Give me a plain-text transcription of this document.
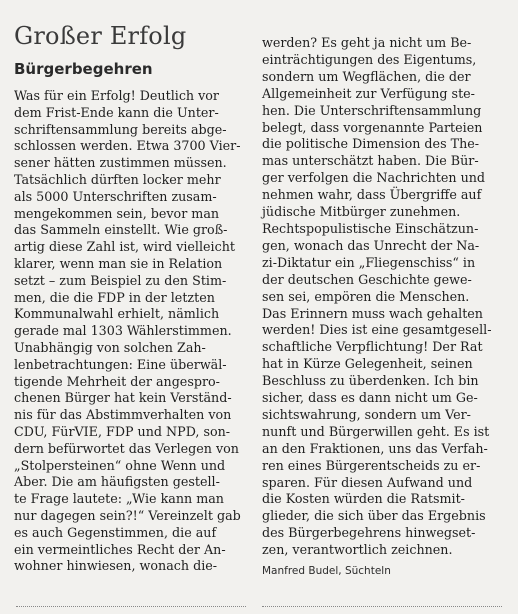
Großer Erfolg
Bürgerbegehren
Was für ein Erfolg! Deutlich vor
dem Frist-Ende kann die Unter-
schriftensammlung bereits abge-
schlossen werden. Etwa 3700 Vier-
sener hätten zustimmen müssen.
Tatsächlich dürften locker mehr
als 5000 Unterschriften zusam-
mengekommen sein, bevor man
das Sammeln einstellt. Wie groß-
artig diese Zahl ist, wird vielleicht
klarer, wenn man sie in Relation
setzt – zum Beispiel zu den Stim-
men, die die FDP in der letzten
Kommunalwahl erhielt, nämlich
gerade mal 1303 Wählerstimmen.
Unabhängig von solchen Zah-
lenbetrachtungen: Eine überwäl-
tigende Mehrheit der angespro-
chenen Bürger hat kein Verständ-
nis für das Abstimmverhalten von
CDU, FürVIE, FDP und NPD, son-
dern befürwortet das Verlegen von
„Stolpersteinen“ ohne Wenn und
Aber. Die am häufigsten gestell-
te Frage lautete: „Wie kann man
nur dagegen sein?!“ Vereinzelt gab
es auch Gegenstimmen, die auf
ein vermeintliches Recht der An-
wohner hinwiesen, wonach die-
werden? Es geht ja nicht um Be-
einträchtigungen des Eigentums,
sondern um Wegflächen, die der
Allgemeinheit zur Verfügung ste-
hen. Die Unterschriftensammlung
belegt, dass vorgenannte Parteien
die politische Dimension des The-
mas unterschätzt haben. Die Bür-
ger verfolgen die Nachrichten und
nehmen wahr, dass Übergriffe auf
jüdische Mitbürger zunehmen.
Rechtspopulistische Einschätzun-
gen, wonach das Unrecht der Na-
zi-Diktatur ein „Fliegenschiss“ in
der deutschen Geschichte gewe-
sen sei, empören die Menschen.
Das Erinnern muss wach gehalten
werden! Dies ist eine gesamtgesell-
schaftliche Verpflichtung! Der Rat
hat in Kürze Gelegenheit, seinen
Beschluss zu überdenken. Ich bin
sicher, dass es dann nicht um Ge-
sichtswahrung, sondern um Ver-
nunft und Bürgerwillen geht. Es ist
an den Fraktionen, uns das Verfah-
ren eines Bürgerentscheids zu er-
sparen. Für diesen Aufwand und
die Kosten würden die Ratsmit-
glieder, die sich über das Ergebnis
des Bürgerbegehrens hinwegset-
zen, verantwortlich zeichnen.
Manfred Budel, Süchteln
